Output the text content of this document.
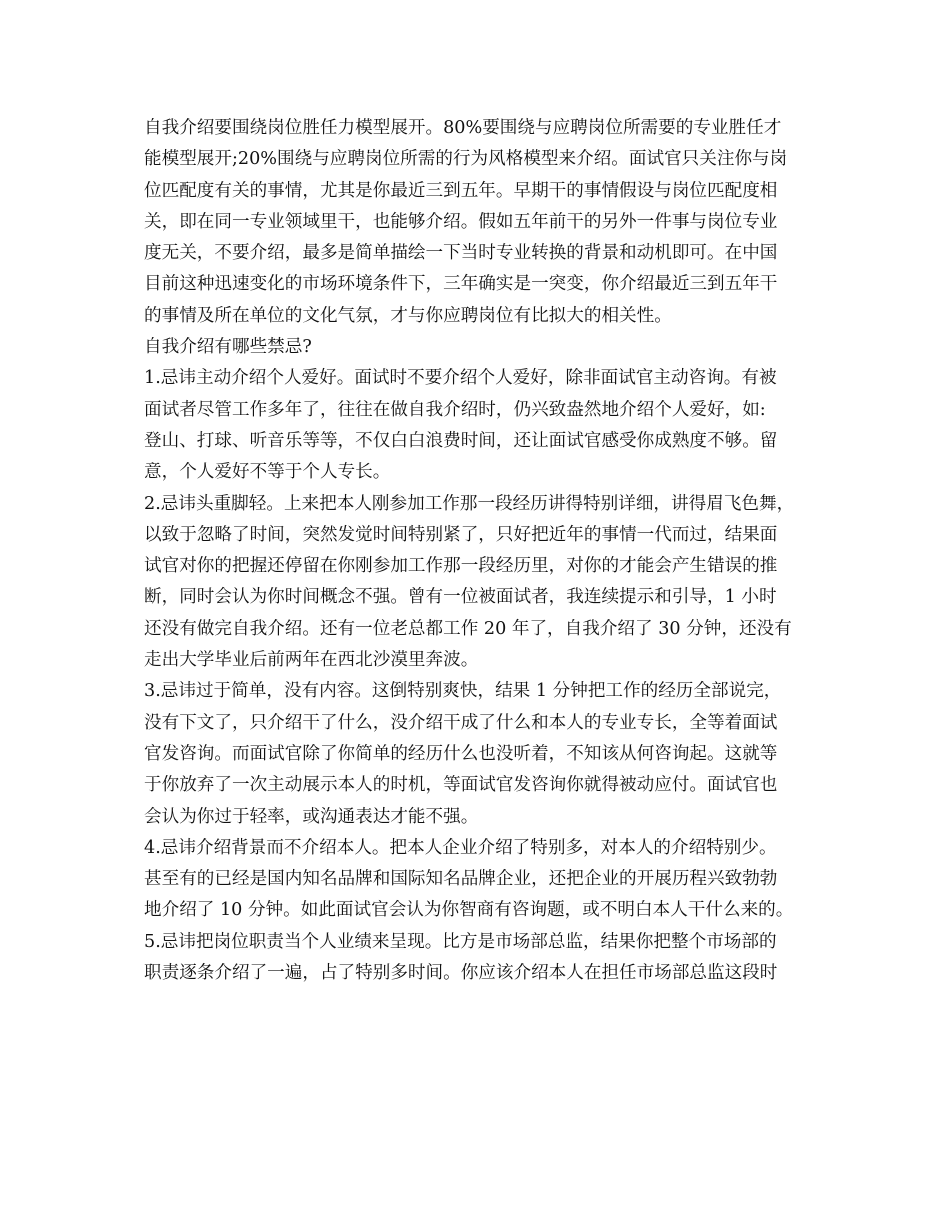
自我介绍要围绕岗位胜任力模型展开。80%要围绕与应聘岗位所需要的专业胜任才
能模型展开;20%围绕与应聘岗位所需的行为风格模型来介绍。面试官只关注你与岗
位匹配度有关的事情，尤其是你最近三到五年。早期干的事情假设与岗位匹配度相
关，即在同一专业领域里干，也能够介绍。假如五年前干的另外一件事与岗位专业
度无关，不要介绍，最多是简单描绘一下当时专业转换的背景和动机即可。在中国
目前这种迅速变化的市场环境条件下，三年确实是一突变，你介绍最近三到五年干
的事情及所在单位的文化气氛，才与你应聘岗位有比拟大的相关性。
自我介绍有哪些禁忌?
1.忌讳主动介绍个人爱好。面试时不要介绍个人爱好，除非面试官主动咨询。有被
面试者尽管工作多年了，往往在做自我介绍时，仍兴致盎然地介绍个人爱好，如:
登山、打球、听音乐等等，不仅白白浪费时间，还让面试官感受你成熟度不够。留
意，个人爱好不等于个人专长。
2.忌讳头重脚轻。上来把本人刚参加工作那一段经历讲得特别详细，讲得眉飞色舞，
以致于忽略了时间，突然发觉时间特别紧了，只好把近年的事情一代而过，结果面
试官对你的把握还停留在你刚参加工作那一段经历里，对你的才能会产生错误的推
断，同时会认为你时间概念不强。曾有一位被面试者，我连续提示和引导，1 小时
还没有做完自我介绍。还有一位老总都工作 20 年了，自我介绍了 30 分钟，还没有
走出大学毕业后前两年在西北沙漠里奔波。
3.忌讳过于简单，没有内容。这倒特别爽快，结果 1 分钟把工作的经历全部说完，
没有下文了，只介绍干了什么，没介绍干成了什么和本人的专业专长，全等着面试
官发咨询。而面试官除了你简单的经历什么也没听着，不知该从何咨询起。这就等
于你放弃了一次主动展示本人的时机，等面试官发咨询你就得被动应付。面试官也
会认为你过于轻率，或沟通表达才能不强。
4.忌讳介绍背景而不介绍本人。把本人企业介绍了特别多，对本人的介绍特别少。
甚至有的已经是国内知名品牌和国际知名品牌企业，还把企业的开展历程兴致勃勃
地介绍了 10 分钟。如此面试官会认为你智商有咨询题，或不明白本人干什么来的。
5.忌讳把岗位职责当个人业绩来呈现。比方是市场部总监，结果你把整个市场部的
职责逐条介绍了一遍，占了特别多时间。你应该介绍本人在担任市场部总监这段时
